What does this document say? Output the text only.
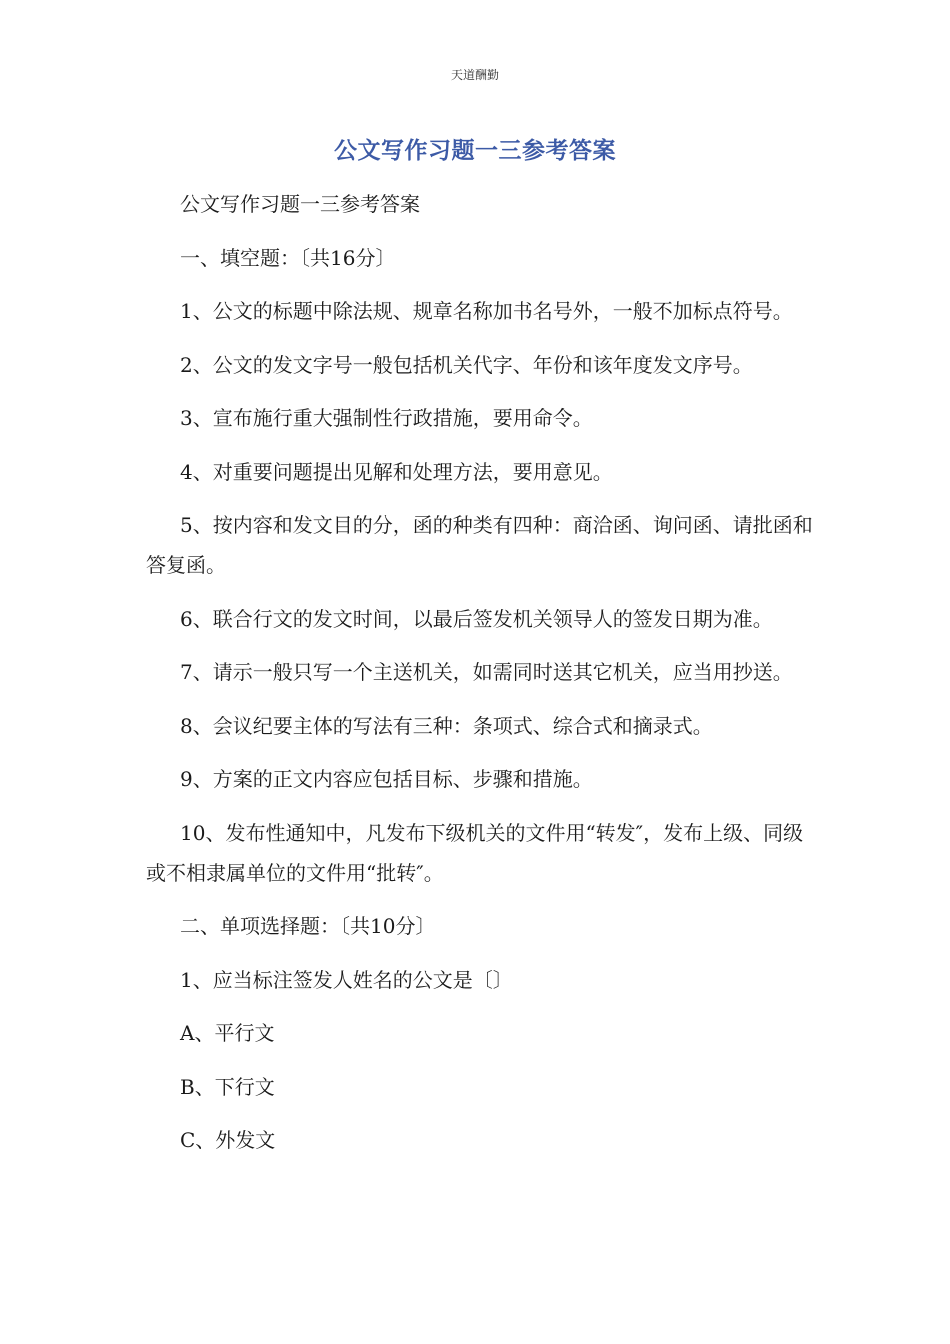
天道酬勤
公文写作习题一三参考答案

公文写作习题一三参考答案

一、填空题：〔共16分〕

1、公文的标题中除法规、规章名称加书名号外，一般不加标点符号。

2、公文的发文字号一般包括机关代字、年份和该年度发文序号。

3、宣布施行重大强制性行政措施，要用命令。

4、对重要问题提出见解和处理方法，要用意见。

5、按内容和发文目的分，函的种类有四种：商洽函、询问函、请批函和答复函。

6、联合行文的发文时间，以最后签发机关领导人的签发日期为准。

7、请示一般只写一个主送机关，如需同时送其它机关，应当用抄送。

8、会议纪要主体的写法有三种：条项式、综合式和摘录式。

9、方案的正文内容应包括目标、步骤和措施。

10、发布性通知中，凡发布下级机关的文件用“转发″，发布上级、同级或不相隶属单位的文件用“批转″。

二、单项选择题：〔共10分〕

1、应当标注签发人姓名的公文是〔〕

A、平行文

B、下行文

C、外发文
